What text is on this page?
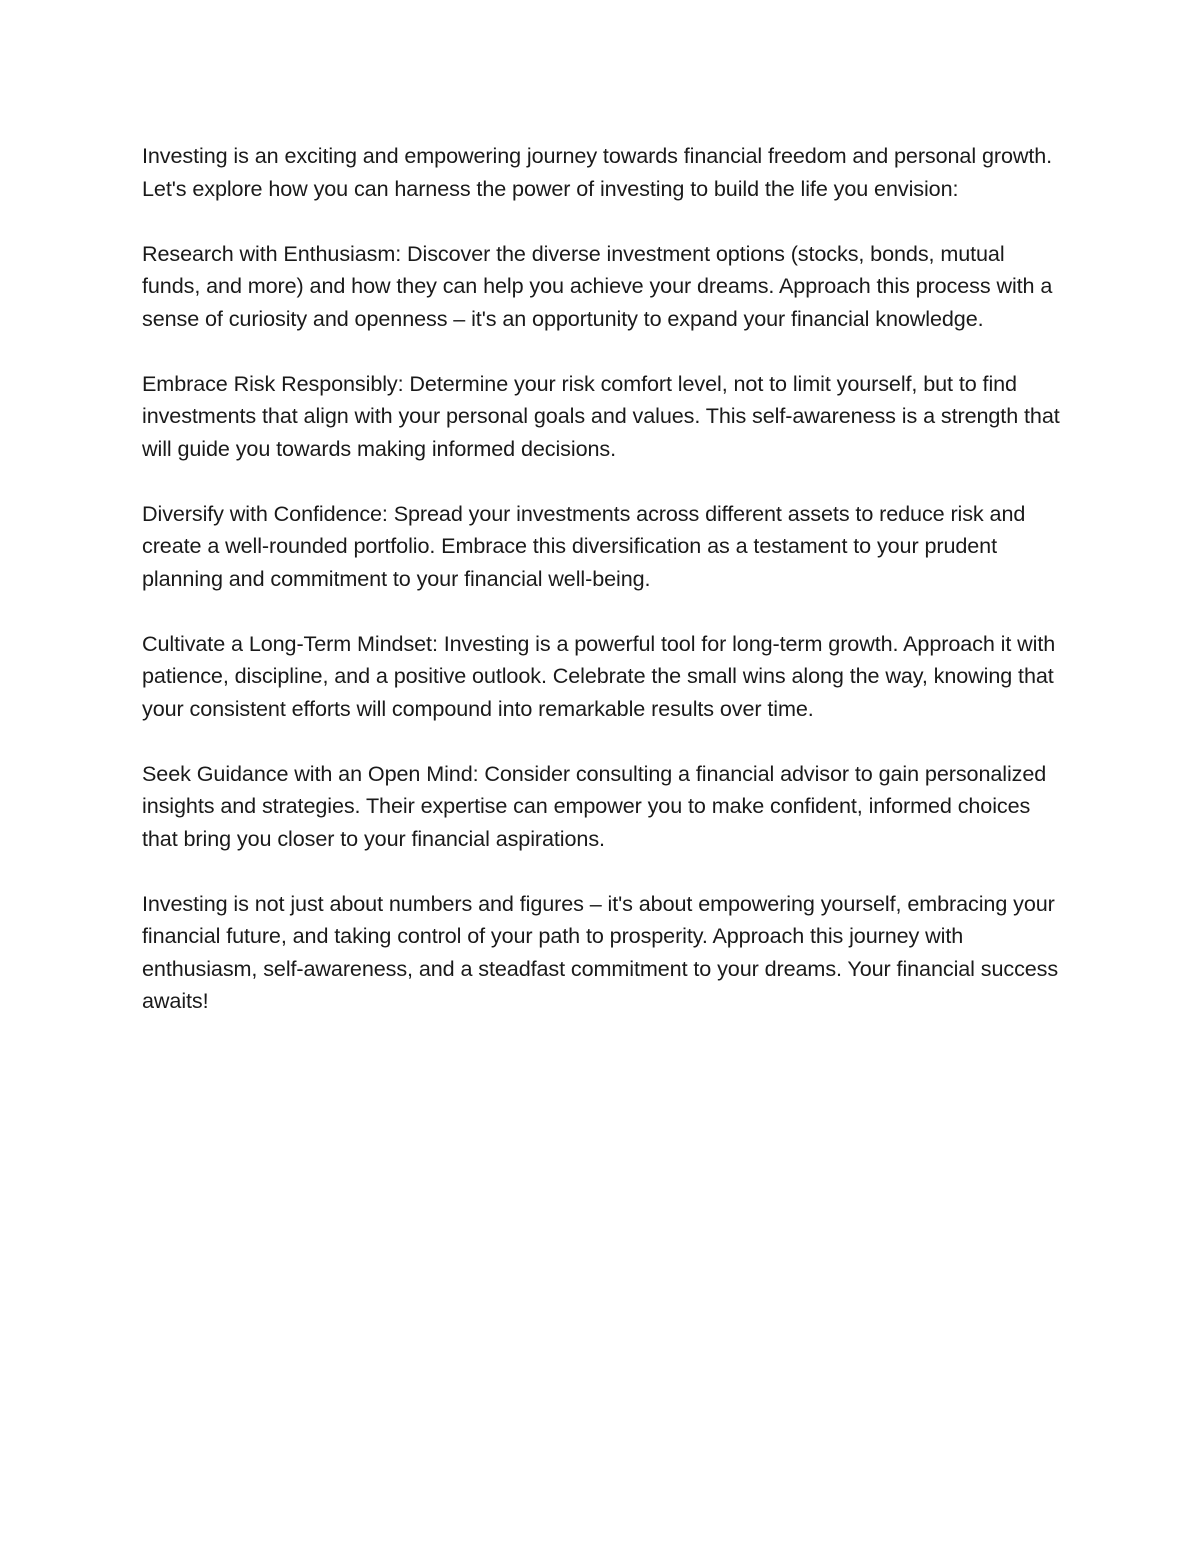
Investing is an exciting and empowering journey towards financial freedom and personal growth. Let's explore how you can harness the power of investing to build the life you envision:

Research with Enthusiasm: Discover the diverse investment options (stocks, bonds, mutual funds, and more) and how they can help you achieve your dreams. Approach this process with a sense of curiosity and openness – it's an opportunity to expand your financial knowledge.

Embrace Risk Responsibly: Determine your risk comfort level, not to limit yourself, but to find investments that align with your personal goals and values. This self-awareness is a strength that will guide you towards making informed decisions.

Diversify with Confidence: Spread your investments across different assets to reduce risk and create a well-rounded portfolio. Embrace this diversification as a testament to your prudent planning and commitment to your financial well-being.

Cultivate a Long-Term Mindset: Investing is a powerful tool for long-term growth. Approach it with patience, discipline, and a positive outlook. Celebrate the small wins along the way, knowing that your consistent efforts will compound into remarkable results over time.

Seek Guidance with an Open Mind: Consider consulting a financial advisor to gain personalized insights and strategies. Their expertise can empower you to make confident, informed choices that bring you closer to your financial aspirations.

Investing is not just about numbers and figures – it's about empowering yourself, embracing your financial future, and taking control of your path to prosperity. Approach this journey with enthusiasm, self-awareness, and a steadfast commitment to your dreams. Your financial success awaits!
